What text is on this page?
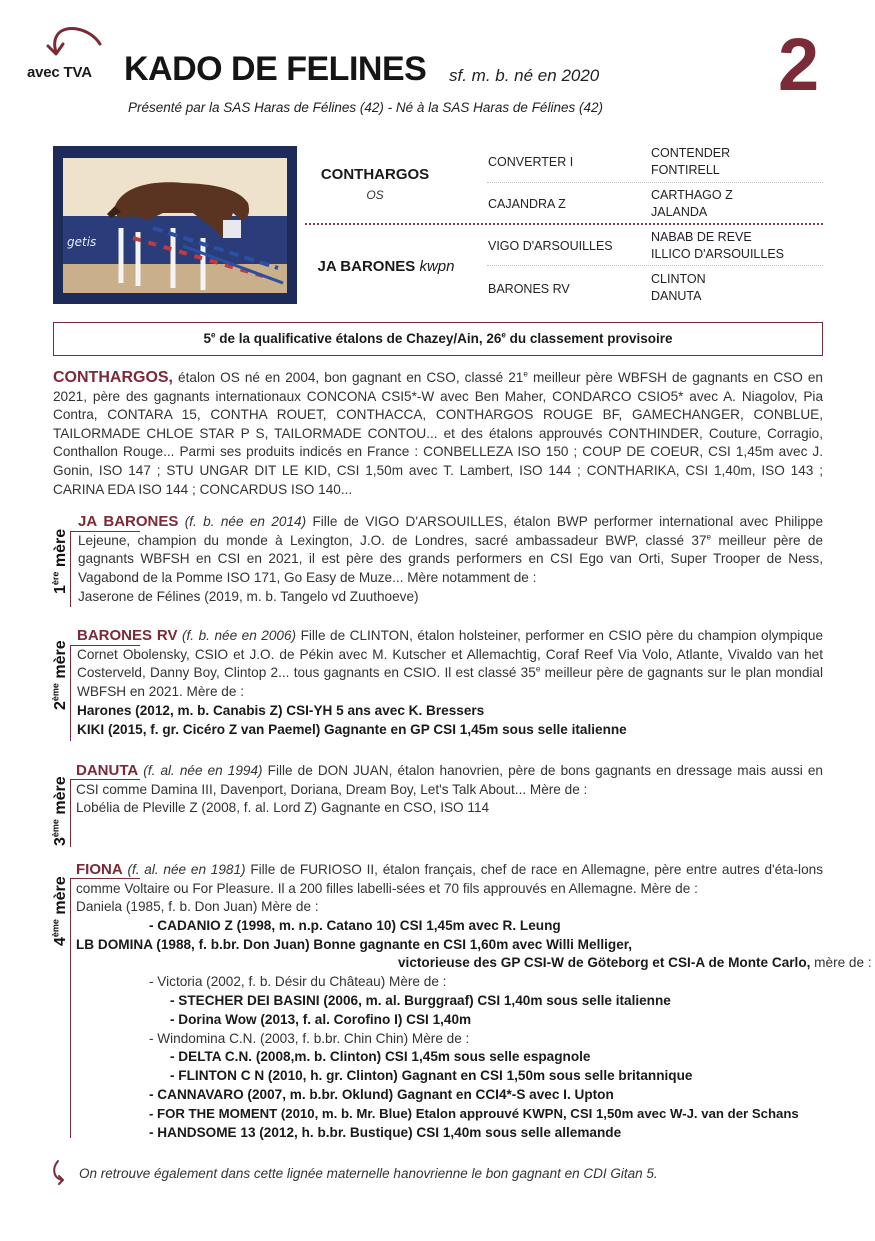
avec TVA KADO DE FELINES sf. m. b. né en 2020 2
Présenté par la SAS Haras de Félines (42) - Né à la SAS Haras de Félines (42)
getis
CONTHARGOS
OS
JA BARONES kwpn
CONVERTER I
CAJANDRA Z
VIGO D'ARSOUILLES
BARONES RV
CONTENDER
FONTIRELL
CARTHAGO Z
JALANDA
NABAB DE REVE
ILLICO D'ARSOUILLES
CLINTON
DANUTA
5e de la qualificative étalons de Chazey/Ain, 26e du classement provisoire
CONTHARGOS, étalon OS né en 2004, bon gagnant en CSO, classé 21e meilleur père WBFSH de gagnants en CSO en 2021, père des gagnants internationaux CONCONA CSI5*-W avec Ben Maher, CONDARCO CSIO5* avec A. Niagolov, Pia Contra, CONTARA 15, CONTHA ROUET, CONTHACCA, CONTHARGOS ROUGE BF, GAMECHANGER, CONBLUE, TAILORMADE CHLOE STAR P S, TAILORMADE CONTOU... et des étalons approuvés CONTHINDER, Couture, Corragio, Conthallon Rouge... Parmi ses produits indicés en France : CONBELLEZA ISO 150 ; COUP DE COEUR, CSI 1,45m avec J. Gonin, ISO 147 ; STU UNGAR DIT LE KID, CSI 1,50m avec T. Lambert, ISO 144 ; CONTHARIKA, CSI 1,40m, ISO 143 ; CARINA EDA ISO 144 ; CONCARDUS ISO 140...
1ère mère
JA BARONES (f. b. née en 2014) Fille de VIGO D'ARSOUILLES, étalon BWP performer international avec Philippe Lejeune, champion du monde à Lexington, J.O. de Londres, sacré ambassadeur BWP, classé 37e meilleur père de gagnants WBFSH en CSI en 2021, il est père des grands performers en CSI Ego van Orti, Super Trooper de Ness, Vagabond de la Pomme ISO 171, Go Easy de Muze... Mère notamment de :
Jaserone de Félines (2019, m. b. Tangelo vd Zuuthoeve)
2ème mère
BARONES RV (f. b. née en 2006) Fille de CLINTON, étalon holsteiner, performer en CSIO père du champion olympique Cornet Obolensky, CSIO et J.O. de Pékin avec M. Kutscher et Allemachtig, Coraf Reef Via Volo, Atlante, Vivaldo van het Costerveld, Danny Boy, Clintop 2... tous gagnants en CSIO. Il est classé 35e meilleur père de gagnants sur le plan mondial WBFSH en 2021. Mère de :
Harones (2012, m. b. Canabis Z) CSI-YH 5 ans avec K. Bressers
KIKI (2015, f. gr. Cicéro Z van Paemel) Gagnante en GP CSI 1,45m sous selle italienne
3ème mère
DANUTA (f. al. née en 1994) Fille de DON JUAN, étalon hanovrien, père de bons gagnants en dressage mais aussi en CSI comme Damina III, Davenport, Doriana, Dream Boy, Let's Talk About... Mère de :
Lobélia de Pleville Z (2008, f. al. Lord Z) Gagnante en CSO, ISO 114
4ème mère
FIONA (f. al. née en 1981) Fille de FURIOSO II, étalon français, chef de race en Allemagne, père entre autres d'éta-lons comme Voltaire ou For Pleasure. Il a 200 filles labelli-sées et 70 fils approuvés en Allemagne. Mère de :
Daniela (1985, f. b. Don Juan) Mère de :
- CADANIO Z (1998, m. n.p. Catano 10) CSI 1,45m avec R. Leung
LB DOMINA (1988, f. b.br. Don Juan) Bonne gagnante en CSI 1,60m avec Willi Melliger,
victorieuse des GP CSI-W de Göteborg et CSI-A de Monte Carlo, mère de :
- Victoria (2002, f. b. Désir du Château) Mère de :
- STECHER DEI BASINI (2006, m. al. Burggraaf) CSI 1,40m sous selle italienne
- Dorina Wow (2013, f. al. Corofino I) CSI 1,40m
- Windomina C.N. (2003, f. b.br. Chin Chin) Mère de :
- DELTA C.N. (2008,m. b. Clinton) CSI 1,45m sous selle espagnole
- FLINTON C N (2010, h. gr. Clinton) Gagnant en CSI 1,50m sous selle britannique
- CANNAVARO (2007, m. b.br. Oklund) Gagnant en CCI4*-S avec I. Upton
- FOR THE MOMENT (2010, m. b. Mr. Blue) Etalon approuvé KWPN, CSI 1,50m avec W-J. van der Schans
- HANDSOME 13 (2012, h. b.br. Bustique) CSI 1,40m sous selle allemande
On retrouve également dans cette lignée maternelle hanovrienne le bon gagnant en CDI Gitan 5.
